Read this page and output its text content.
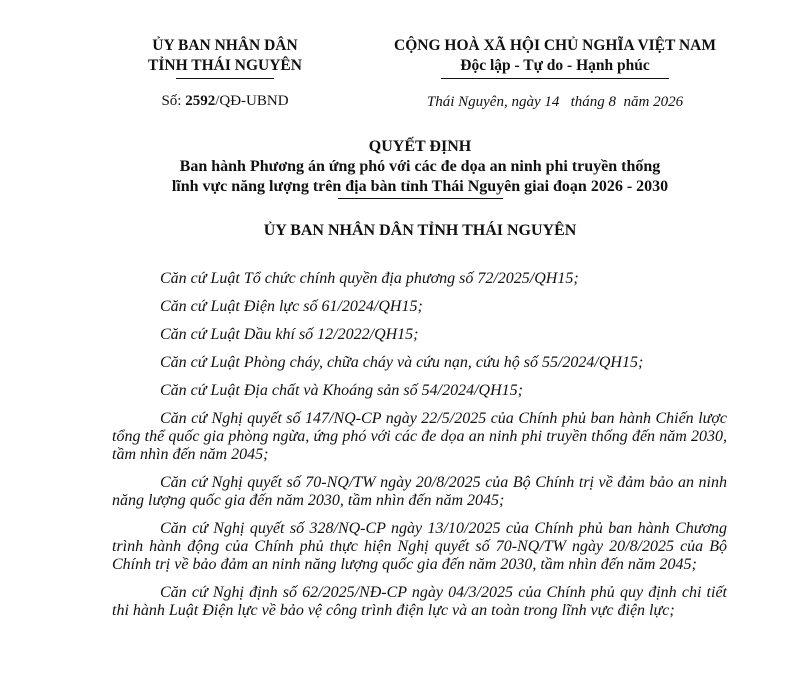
ỦY BAN NHÂN DÂN
TỈNH THÁI NGUYÊN
CỘNG HOÀ XÃ HỘI CHỦ NGHĨA VIỆT NAM
Độc lập - Tự do - Hạnh phúc
Số: 2592/QĐ-UBND	Thái Nguyên, ngày 14 tháng 8 năm 2026
QUYẾT ĐỊNH
Ban hành Phương án ứng phó với các đe dọa an ninh phi truyền thống
lĩnh vực năng lượng trên địa bàn tỉnh Thái Nguyên giai đoạn 2026 - 2030
ỦY BAN NHÂN DÂN TỈNH THÁI NGUYÊN

Căn cứ Luật Tổ chức chính quyền địa phương số 72/2025/QH15;

Căn cứ Luật Điện lực số 61/2024/QH15;

Căn cứ Luật Dầu khí số 12/2022/QH15;

Căn cứ Luật Phòng cháy, chữa cháy và cứu nạn, cứu hộ số 55/2024/QH15;

Căn cứ Luật Địa chất và Khoáng sản số 54/2024/QH15;

Căn cứ Nghị quyết số 147/NQ-CP ngày 22/5/2025 của Chính phủ ban hành Chiến lược tổng thể quốc gia phòng ngừa, ứng phó với các đe dọa an ninh phi truyền thống đến năm 2030, tầm nhìn đến năm 2045;

Căn cứ Nghị quyết số 70-NQ/TW ngày 20/8/2025 của Bộ Chính trị về đảm bảo an ninh năng lượng quốc gia đến năm 2030, tầm nhìn đến năm 2045;

Căn cứ Nghị quyết số 328/NQ-CP ngày 13/10/2025 của Chính phủ ban hành Chương trình hành động của Chính phủ thực hiện Nghị quyết số 70-NQ/TW ngày 20/8/2025 của Bộ Chính trị về bảo đảm an ninh năng lượng quốc gia đến năm 2030, tầm nhìn đến năm 2045;

Căn cứ Nghị định số 62/2025/NĐ-CP ngày 04/3/2025 của Chính phủ quy định chi tiết thi hành Luật Điện lực về bảo vệ công trình điện lực và an toàn trong lĩnh vực điện lực;
